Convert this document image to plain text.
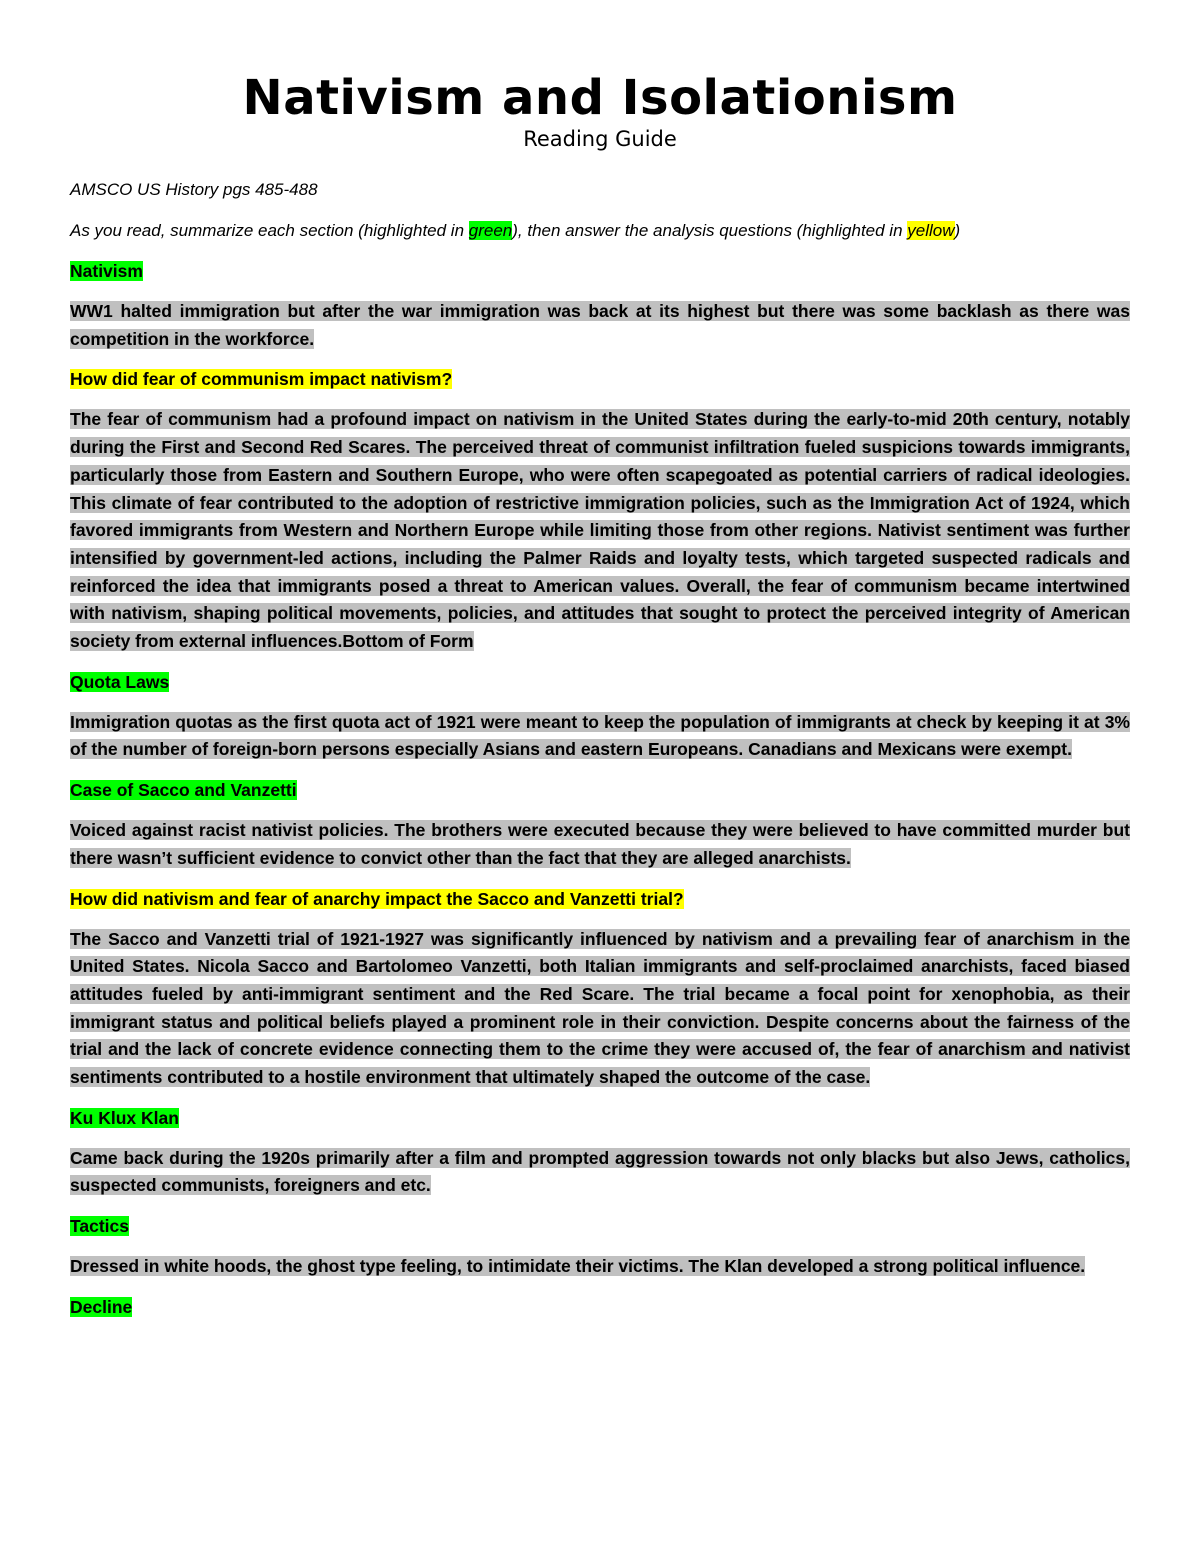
Nativism and Isolationism
Reading Guide

AMSCO US History pgs 485-488

As you read, summarize each section (highlighted in green), then answer the analysis questions (highlighted in yellow)

Nativism

WW1 halted immigration but after the war immigration was back at its highest but there was some backlash as there was competition in the workforce.

How did fear of communism impact nativism?

The fear of communism had a profound impact on nativism in the United States during the early-to-mid 20th century, notably during the First and Second Red Scares. The perceived threat of communist infiltration fueled suspicions towards immigrants, particularly those from Eastern and Southern Europe, who were often scapegoated as potential carriers of radical ideologies. This climate of fear contributed to the adoption of restrictive immigration policies, such as the Immigration Act of 1924, which favored immigrants from Western and Northern Europe while limiting those from other regions. Nativist sentiment was further intensified by government-led actions, including the Palmer Raids and loyalty tests, which targeted suspected radicals and reinforced the idea that immigrants posed a threat to American values. Overall, the fear of communism became intertwined with nativism, shaping political movements, policies, and attitudes that sought to protect the perceived integrity of American society from external influences.Bottom of Form

Quota Laws

Immigration quotas as the first quota act of 1921 were meant to keep the population of immigrants at check by keeping it at 3% of the number of foreign-born persons especially Asians and eastern Europeans. Canadians and Mexicans were exempt.

Case of Sacco and Vanzetti

Voiced against racist nativist policies. The brothers were executed because they were believed to have committed murder but there wasn’t sufficient evidence to convict other than the fact that they are alleged anarchists.

How did nativism and fear of anarchy impact the Sacco and Vanzetti trial?

The Sacco and Vanzetti trial of 1921-1927 was significantly influenced by nativism and a prevailing fear of anarchism in the United States. Nicola Sacco and Bartolomeo Vanzetti, both Italian immigrants and self-proclaimed anarchists, faced biased attitudes fueled by anti-immigrant sentiment and the Red Scare. The trial became a focal point for xenophobia, as their immigrant status and political beliefs played a prominent role in their conviction. Despite concerns about the fairness of the trial and the lack of concrete evidence connecting them to the crime they were accused of, the fear of anarchism and nativist sentiments contributed to a hostile environment that ultimately shaped the outcome of the case.

Ku Klux Klan

Came back during the 1920s primarily after a film and prompted aggression towards not only blacks but also Jews, catholics, suspected communists, foreigners and etc.

Tactics

Dressed in white hoods, the ghost type feeling, to intimidate their victims. The Klan developed a strong political influence.

Decline
